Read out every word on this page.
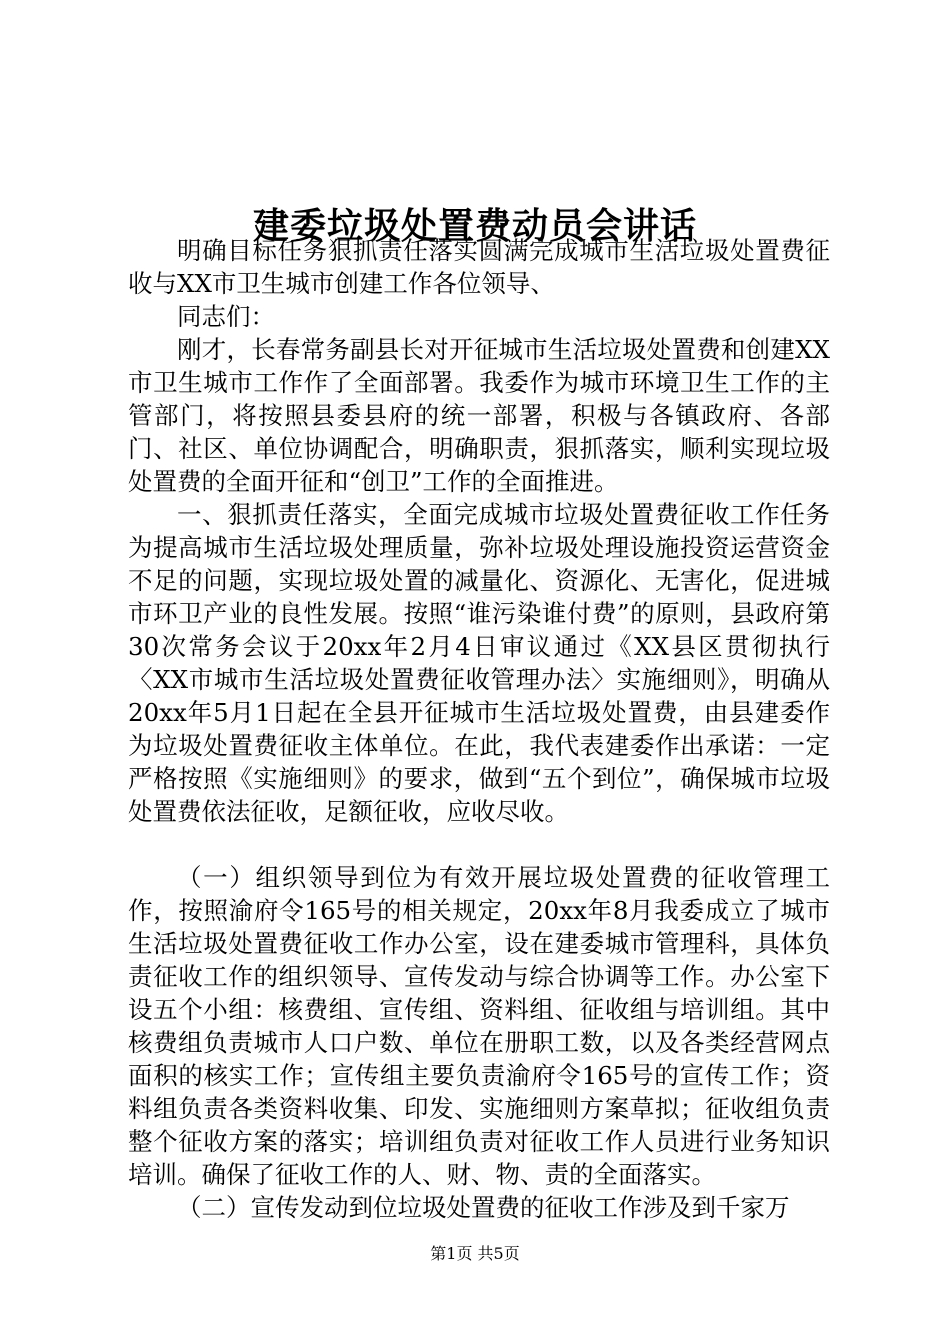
建委垃圾处置费动员会讲话

明确目标任务狠抓责任落实圆满完成城市生活垃圾处置费征收与XX市卫生城市创建工作各位领导、

同志们：

刚才，长春常务副县长对开征城市生活垃圾处置费和创建XX市卫生城市工作作了全面部署。我委作为城市环境卫生工作的主管部门，将按照县委县府的统一部署，积极与各镇政府、各部门、社区、单位协调配合，明确职责，狠抓落实，顺利实现垃圾处置费的全面开征和“创卫”工作的全面推进。

一、狠抓责任落实，全面完成城市垃圾处置费征收工作任务为提高城市生活垃圾处理质量，弥补垃圾处理设施投资运营资金不足的问题，实现垃圾处置的减量化、资源化、无害化，促进城市环卫产业的良性发展。按照“谁污染谁付费”的原则，县政府第30次常务会议于20xx年2月4日审议通过《XX县区贯彻执行〈XX市城市生活垃圾处置费征收管理办法〉实施细则》，明确从20xx年5月1日起在全县开征城市生活垃圾处置费，由县建委作为垃圾处置费征收主体单位。在此，我代表建委作出承诺：一定严格按照《实施细则》的要求，做到“五个到位”，确保城市垃圾处置费依法征收，足额征收，应收尽收。

（一）组织领导到位为有效开展垃圾处置费的征收管理工作，按照渝府令165号的相关规定，20xx年8月我委成立了城市生活垃圾处置费征收工作办公室，设在建委城市管理科，具体负责征收工作的组织领导、宣传发动与综合协调等工作。办公室下设五个小组：核费组、宣传组、资料组、征收组与培训组。其中核费组负责城市人口户数、单位在册职工数，以及各类经营网点面积的核实工作；宣传组主要负责渝府令165号的宣传工作；资料组负责各类资料收集、印发、实施细则方案草拟；征收组负责整个征收方案的落实；培训组负责对征收工作人员进行业务知识培训。确保了征收工作的人、财、物、责的全面落实。

（二）宣传发动到位垃圾处置费的征收工作涉及到千家万

第1页 共5页
